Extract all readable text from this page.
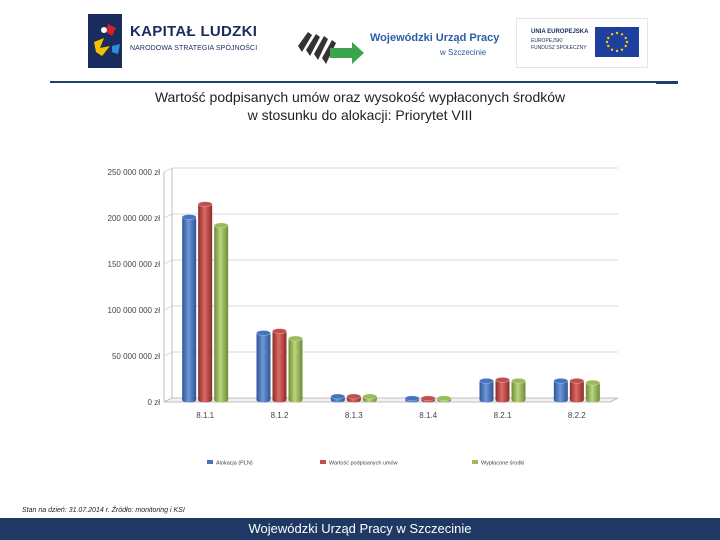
KAPITAŁ LUDZKI
NARODOWA STRATEGIA SPÓJNOŚCI
Wojewódzki Urząd Pracy
w Szczecinie
UNIA EUROPEJSKA
EUROPEJSKI
FUNDUSZ SPOŁECZNY
Wartość podpisanych umów oraz wysokość wypłaconych środków
w stosunku do alokacji: Priorytet VIII
0 zł
50 000 000 zł
100 000 000 zł
150 000 000 zł
200 000 000 zł
250 000 000 zł
8.1.1	8.1.2	8.1.3	8.1.4	8.2.1	8.2.2
Alokacja (PLN)	Wartość podpisanych umów	Wypłacone środki
Stan na dzień: 31.07.2014 r. Źródło: monitoring i KSI
Wojewódzki Urząd Pracy w Szczecinie
